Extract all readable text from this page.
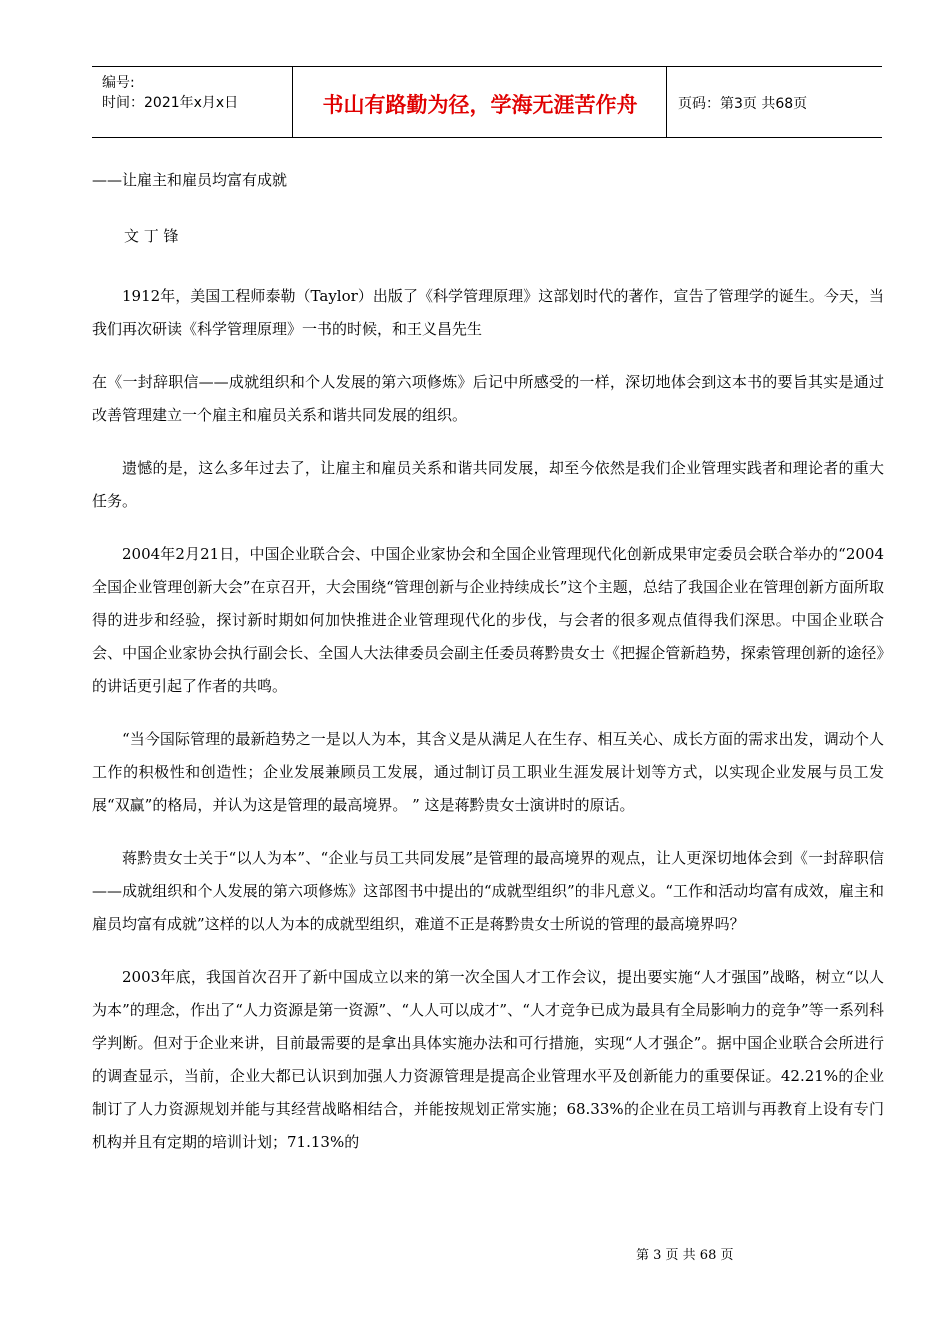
编号:
时间：2021年x月x日	书山有路勤为径，学海无涯苦作舟	页码：第3页 共68页
——让雇主和雇员均富有成就
文 丁 锋

1912年，美国工程师泰勒（Taylor）出版了《科学管理原理》这部划时代的著作，宣告了管理学的诞生。今天，当我们再次研读《科学管理原理》一书的时候，和王义昌先生

在《一封辞职信——成就组织和个人发展的第六项修炼》后记中所感受的一样，深切地体会到这本书的要旨其实是通过改善管理建立一个雇主和雇员关系和谐共同发展的组织。

遗憾的是，这么多年过去了，让雇主和雇员关系和谐共同发展，却至今依然是我们企业管理实践者和理论者的重大任务。

2004年2月21日，中国企业联合会、中国企业家协会和全国企业管理现代化创新成果审定委员会联合举办的“2004全国企业管理创新大会”在京召开，大会围绕“管理创新与企业持续成长”这个主题，总结了我国企业在管理创新方面所取得的进步和经验，探讨新时期如何加快推进企业管理现代化的步伐，与会者的很多观点值得我们深思。中国企业联合会、中国企业家协会执行副会长、全国人大法律委员会副主任委员蒋黔贵女士《把握企管新趋势，探索管理创新的途径》的讲话更引起了作者的共鸣。

“当今国际管理的最新趋势之一是以人为本，其含义是从满足人在生存、相互关心、成长方面的需求出发，调动个人工作的积极性和创造性；企业发展兼顾员工发展，通过制订员工职业生涯发展计划等方式，以实现企业发展与员工发展“双赢”的格局，并认为这是管理的最高境界。 ” 这是蒋黔贵女士演讲时的原话。

蒋黔贵女士关于“以人为本”、“企业与员工共同发展”是管理的最高境界的观点，让人更深切地体会到《一封辞职信——成就组织和个人发展的第六项修炼》这部图书中提出的“成就型组织”的非凡意义。“工作和活动均富有成效，雇主和雇员均富有成就”这样的以人为本的成就型组织，难道不正是蒋黔贵女士所说的管理的最高境界吗？

2003年底，我国首次召开了新中国成立以来的第一次全国人才工作会议，提出要实施“人才强国”战略，树立“以人为本”的理念，作出了“人力资源是第一资源”、“人人可以成才”、“人才竞争已成为最具有全局影响力的竞争”等一系列科学判断。但对于企业来讲，目前最需要的是拿出具体实施办法和可行措施，实现“人才强企”。据中国企业联合会所进行的调查显示，当前，企业大都已认识到加强人力资源管理是提高企业管理水平及创新能力的重要保证。42.21%的企业制订了人力资源规划并能与其经营战略相结合，并能按规划正常实施；68.33%的企业在员工培训与再教育上设有专门机构并且有定期的培训计划；71.13%的

第 3 页 共 68 页
